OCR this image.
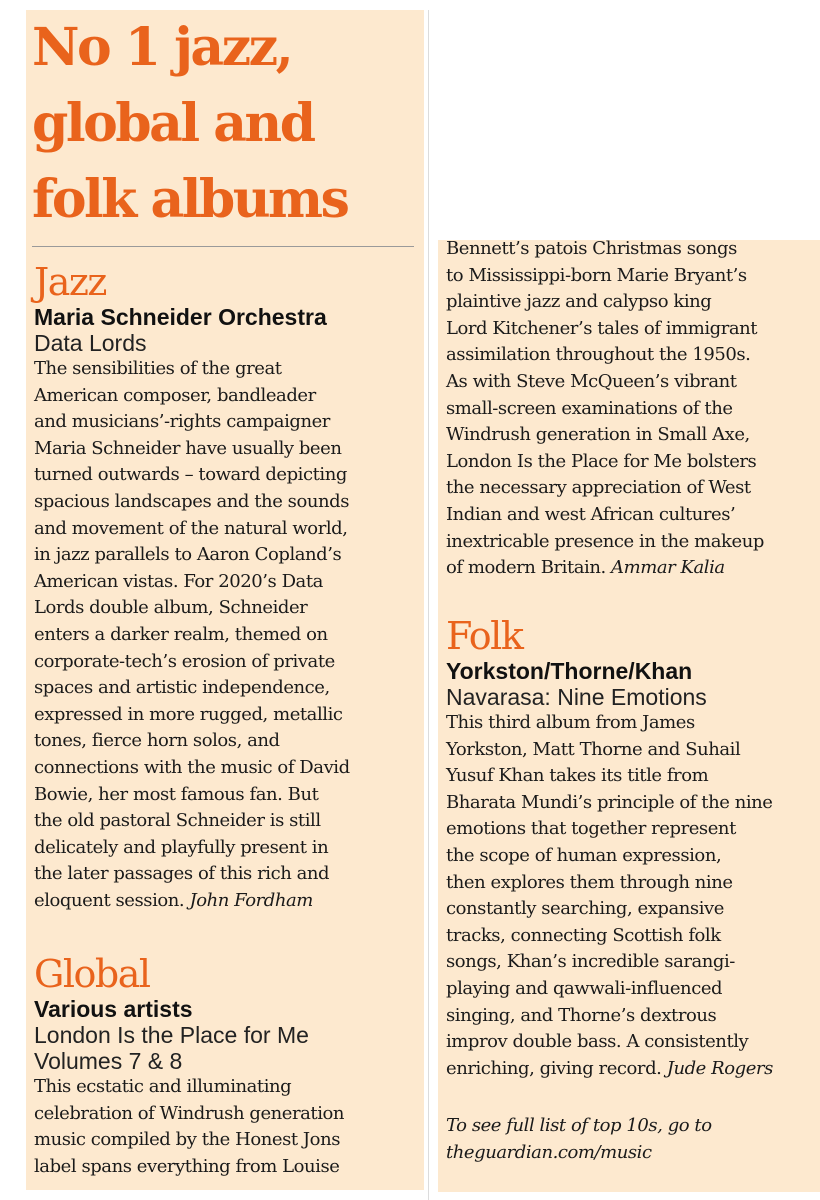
No 1 jazz,
global and
folk albums
Jazz

Maria Schneider Orchestra

Data Lords

The sensibilities of the great
American composer, bandleader
and musicians’-rights campaigner
Maria Schneider have usually been
turned outwards – toward depicting
spacious landscapes and the sounds
and movement of the natural world,
in jazz parallels to Aaron Copland’s
American vistas. For 2020’s Data
Lords double album, Schneider
enters a darker realm, themed on
corporate-tech’s erosion of private
spaces and artistic independence,
expressed in more rugged, metallic
tones, fierce horn solos, and
connections with the music of David
Bowie, her most famous fan. But
the old pastoral Schneider is still
delicately and playfully present in
the later passages of this rich and
eloquent session. John Fordham

Global

Various artists

London Is the Place for Me
Volumes 7 & 8

This ecstatic and illuminating
celebration of Windrush generation
music compiled by the Honest Jons
label spans everything from Louise

Bennett’s patois Christmas songs
to Mississippi-born Marie Bryant’s
plaintive jazz and calypso king
Lord Kitchener’s tales of immigrant
assimilation throughout the 1950s.
As with Steve McQueen’s vibrant
small-screen examinations of the
Windrush generation in Small Axe,
London Is the Place for Me bolsters
the necessary appreciation of West
Indian and west African cultures’
inextricable presence in the makeup
of modern Britain. Ammar Kalia

Folk

Yorkston/Thorne/Khan

Navarasa: Nine Emotions

This third album from James
Yorkston, Matt Thorne and Suhail
Yusuf Khan takes its title from
Bharata Mundi’s principle of the nine
emotions that together represent
the scope of human expression,
then explores them through nine
constantly searching, expansive
tracks, connecting Scottish folk
songs, Khan’s incredible sarangi-
playing and qawwali-influenced
singing, and Thorne’s dextrous
improv double bass. A consistently
enriching, giving record. Jude Rogers

To see full list of top 10s, go to
theguardian.com/music
